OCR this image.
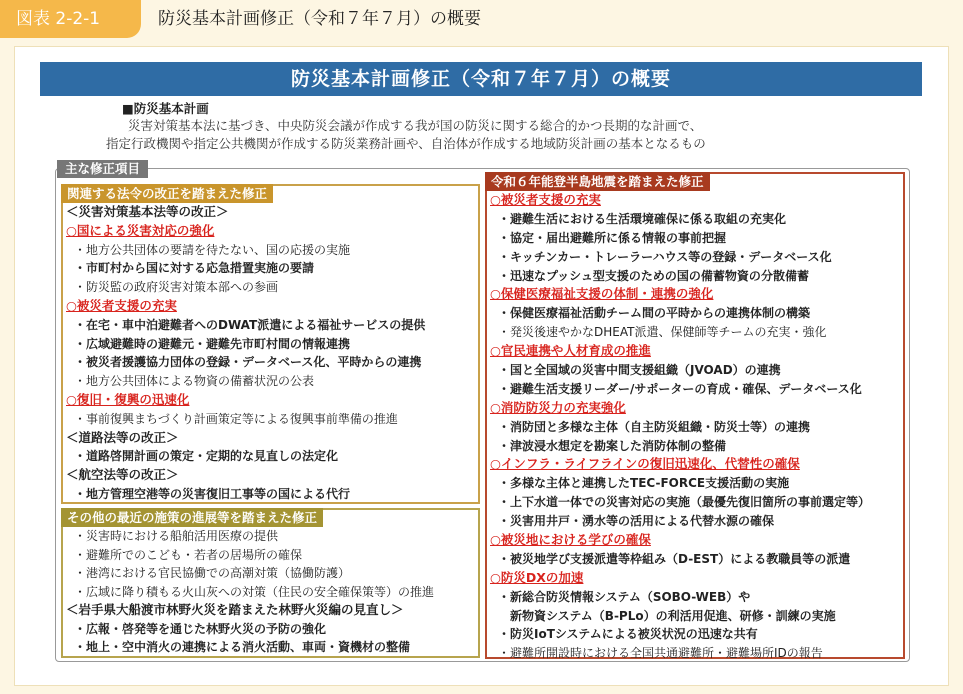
図表 2-2-1	防災基本計画修正（令和７年７月）の概要
防災基本計画修正（令和７年７月）の概要
■防災基本計画
災害対策基本法に基づき、中央防災会議が作成する我が国の防災に関する総合的かつ長期的な計画で、
指定行政機関や指定公共機関が作成する防災業務計画や、自治体が作成する地域防災計画の基本となるもの
主な修正項目
関連する法令の改正を踏まえた修正
＜災害対策基本法等の改正＞
○国による災害対応の強化
・ 地方公共団体の要請を待たない、国の応援の実施
・ 市町村から国に対する応急措置実施の要請
・ 防災監の政府災害対策本部への参画
○被災者支援の充実
・ 在宅・車中泊避難者へのDWAT派遣による福祉サービスの提供
・ 広域避難時の避難元・避難先市町村間の情報連携
・ 被災者援護協力団体の登録・データベース化、平時からの連携
・ 地方公共団体による物資の備蓄状況の公表
○復旧・復興の迅速化
・ 事前復興まちづくり計画策定等による復興事前準備の推進
＜道路法等の改正＞
・ 道路啓開計画の策定・定期的な見直しの法定化
＜航空法等の改正＞
・ 地方管理空港等の災害復旧工事等の国による代行
その他の最近の施策の進展等を踏まえた修正
・ 災害時における船舶活用医療の提供
・ 避難所でのこども・若者の居場所の確保
・ 港湾における官民協働での高潮対策（協働防護）
・ 広域に降り積もる火山灰への対策（住民の安全確保策等）の推進
＜岩手県大船渡市林野火災を踏まえた林野火災編の見直し＞
・ 広報・啓発等を通じた林野火災の予防の強化
・ 地上・空中消火の連携による消火活動、車両・資機材の整備
令和６年能登半島地震を踏まえた修正
○被災者支援の充実
・ 避難生活における生活環境確保に係る取組の充実化
・ 協定・届出避難所に係る情報の事前把握
・ キッチンカー・トレーラーハウス等の登録・データベース化
・ 迅速なプッシュ型支援のための国の備蓄物資の分散備蓄
○保健医療福祉支援の体制・連携の強化
・ 保健医療福祉活動チーム間の平時からの連携体制の構築
・ 発災後速やかなDHEAT派遣、保健師等チームの充実・強化
○官民連携や人材育成の推進
・ 国と全国域の災害中間支援組織（JVOAD）の連携
・ 避難生活支援リーダー/サポーターの育成・確保、データベース化
○消防防災力の充実強化
・ 消防団と多様な主体（自主防災組織・防災士等）の連携
・ 津波浸水想定を勘案した消防体制の整備
○インフラ・ライフラインの復旧迅速化、代替性の確保
・ 多様な主体と連携したTEC-FORCE支援活動の実施
・ 上下水道一体での災害対応の実施（最優先復旧箇所の事前選定等）
・ 災害用井戸・湧水等の活用による代替水源の確保
○被災地における学びの確保
・ 被災地学び支援派遣等枠組み（D-EST）による教職員等の派遣
○防災DXの加速
・ 新総合防災情報システム（SOBO-WEB）や
新物資システム（B-PLo）の利活用促進、研修・訓練の実施
・ 防災IoTシステムによる被災状況の迅速な共有
・ 避難所開設時における全国共通避難所・避難場所IDの報告
